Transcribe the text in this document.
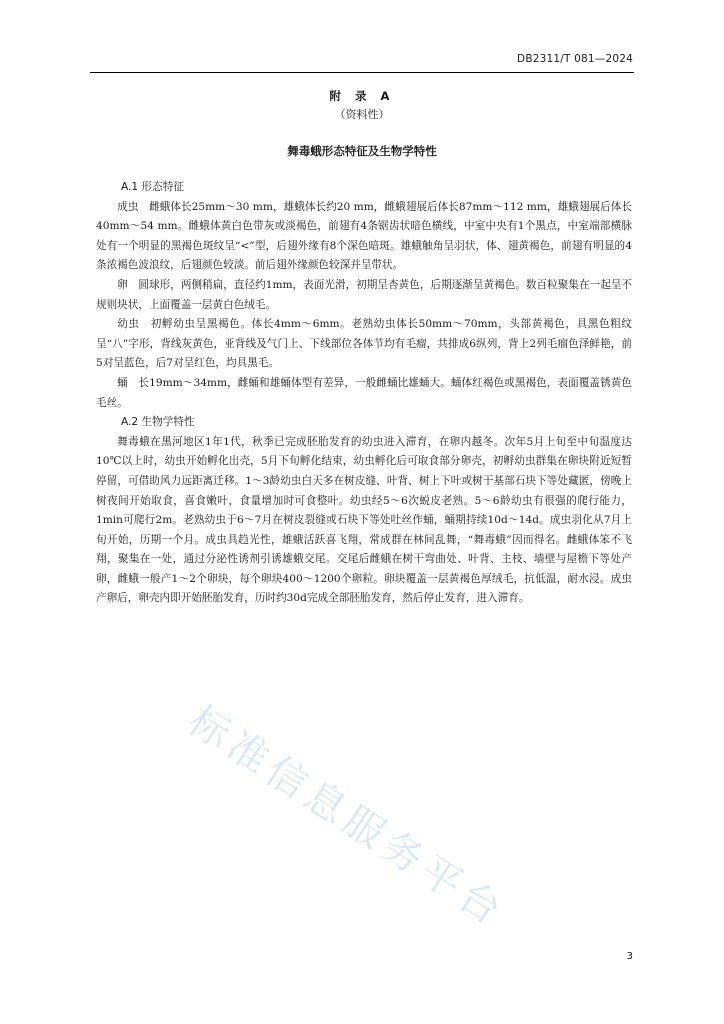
DB2311/T 081—2024
附 录 A
（资料性）
舞毒蛾形态特征及生物学特性
A.1 形态特征

成虫　雌蛾体长25mm～30 mm，雄蛾体长约20 mm，雌蛾翅展后体长87mm～112 mm，雄蛾翅展后体长40mm～54 mm。雌蛾体黄白色带灰或淡褐色，前翅有4条锯齿状暗色横线，中室中央有1个黑点，中室端部横脉处有一个明显的黑褐色斑纹呈“<”型，后翅外缘有8个深色暗斑。雄蛾触角呈羽状，体、翅黄褐色，前翅有明显的4条浓褐色波浪纹，后翅颜色较淡。前后翅外缘颜色较深并呈带状。

卵　圆球形，两侧稍扁，直径约1mm，表面光滑，初期呈杏黄色，后期逐渐呈黄褐色。数百粒聚集在一起呈不规则块状，上面覆盖一层黄白色绒毛。

幼虫　初孵幼虫呈黑褐色。体长4mm～6mm。老熟幼虫体长50mm～70mm，头部黄褐色，具黑色粗纹呈“八”字形，背线灰黄色，亚背线及气门上、下线部位各体节均有毛瘤，共排成6纵列，背上2列毛瘤色泽鲜艳，前5对呈蓝色，后7对呈红色，均具黑毛。

蛹　长19mm～34mm，雌蛹和雄蛹体型有差异，一般雌蛹比雄蛹大。蛹体红褐色或黑褐色，表面覆盖锈黄色毛丝。

A.2 生物学特性

舞毒蛾在黑河地区1年1代，秋季已完成胚胎发育的幼虫进入滞育，在卵内越冬。次年5月上旬至中旬温度达10℃以上时，幼虫开始孵化出壳，5月下旬孵化结束，幼虫孵化后可取食部分卵壳，初孵幼虫群集在卵块附近短暂停留，可借助风力远距离迁移。1～3龄幼虫白天多在树皮缝、叶背、树上下叶或树干基部石块下等处藏匿，傍晚上树夜间开始取食，喜食嫩叶，食量增加时可食整叶。幼虫经5～6次蜕皮老熟。5～6龄幼虫有很强的爬行能力，1min可爬行2m。老熟幼虫于6～7月在树皮裂缝或石块下等处吐丝作蛹，蛹期持续10d～14d。成虫羽化从7月上旬开始，历期一个月。成虫具趋光性，雄蛾活跃喜飞翔，常成群在林间乱舞，“舞毒蛾”因而得名。雌蛾体笨不飞翔，聚集在一处，通过分泌性诱剂引诱雄蛾交尾。交尾后雌蛾在树干弯曲处、叶背、主枝、墙壁与屋檐下等处产卵，雌蛾一般产1～2个卵块，每个卵块400～1200个卵粒。卵块覆盖一层黄褐色厚绒毛，抗低温，耐水浸。成虫产卵后，卵壳内即开始胚胎发育，历时约30d完成全部胚胎发育，然后停止发育，进入滞育。

标准信息服务平台
3
